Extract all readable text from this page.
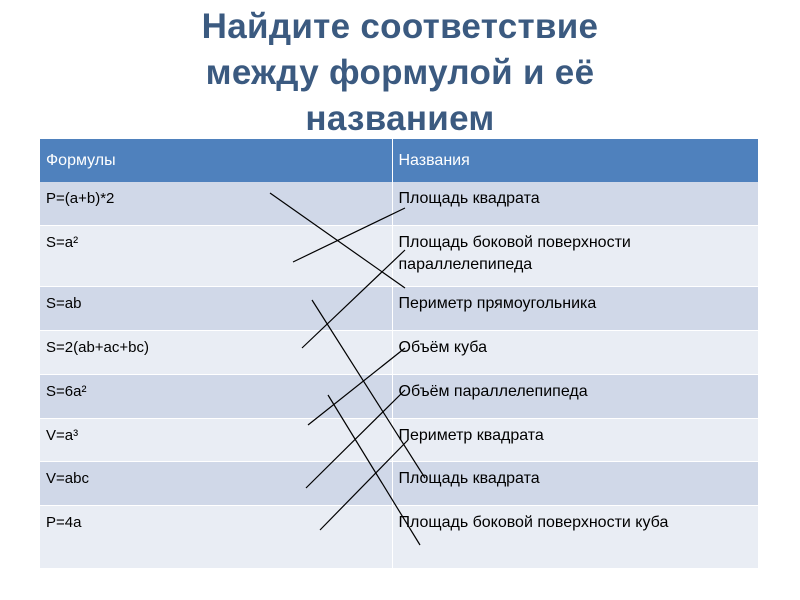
Найдите соответствие
между формулой и её
названием
Формулы	Названия
P=(a+b)*2	Площадь квадрата
S=a²	Площадь боковой поверхности параллелепипеда
S=ab	Периметр прямоугольника
S=2(ab+ac+bc)	Объём куба
S=6a²	Объём параллелепипеда
V=a³	Периметр квадрата
V=abc	Площадь квадрата
P=4a	Площадь боковой поверхности куба
